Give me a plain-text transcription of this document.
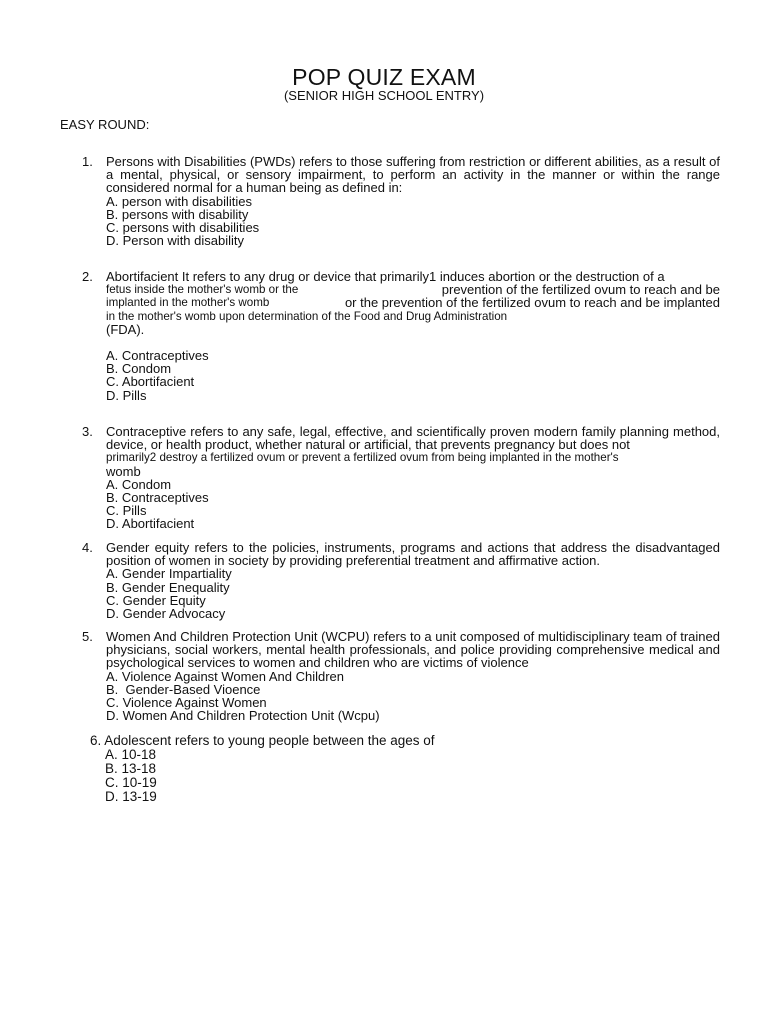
POP QUIZ EXAM
(SENIOR HIGH SCHOOL ENTRY)
EASY ROUND:
1. Persons with Disabilities (PWDs) refers to those suffering from restriction or different abilities, as a result of a mental, physical, or sensory impairment, to perform an activity in the manner or within the range considered normal for a human being as defined in:

A. person with disabilities
B. persons with disability
C. persons with disabilities
D. Person with disability
2. Abortifacient It refers to any drug or device that primarily1 induces abortion or the destruction of a

fetus inside the mother's womb or the	prevention of the fertilized ovum to reach and be
implanted in the mother's womb	or the prevention of the fertilized ovum to reach and be implanted
in the mother's womb upon determination of the Food and Drug Administration
(FDA).
A. Contraceptives
B. Condom
C. Abortifacient
D. Pills
3. Contraceptive refers to any safe, legal, effective, and scientifically proven modern family planning method, device, or health product, whether natural or artificial, that prevents pregnancy but does not

primarily2 destroy a fertilized ovum or prevent a fertilized ovum from being implanted in the mother's
womb
A. Condom
B. Contraceptives
C. Pills
D. Abortifacient
4. Gender equity refers to the policies, instruments, programs and actions that address the disadvantaged position of women in society by providing preferential treatment and affirmative action.

A. Gender Impartiality
B. Gender Enequality
C. Gender Equity
D. Gender Advocacy
5. Women And Children Protection Unit (WCPU) refers to a unit composed of multidisciplinary team of trained physicians, social workers, mental health professionals, and police providing comprehensive medical and psychological services to women and children who are victims of violence

A. Violence Against Women And Children
B.  Gender-Based Vioence
C. Violence Against Women
D. Women And Children Protection Unit (Wcpu)
6. Adolescent refers to young people between the ages of
A. 10-18
B. 13-18
C. 10-19
D. 13-19
